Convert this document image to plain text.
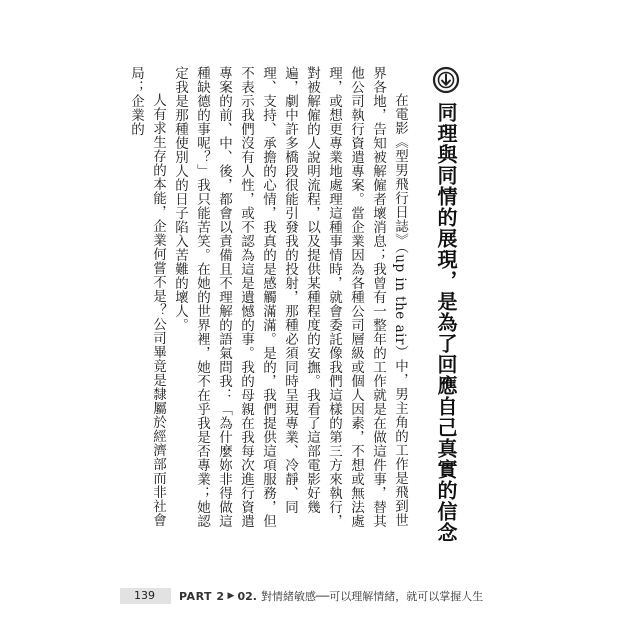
同理與同情的展現，是為了回應自己真實的信念

在電影《型男飛行日誌》（up in the air）中，男主角的工作是飛到世界各地，告知被解僱者壞消息；我曾有一整年的工作就是在做這件事，替其他公司執行資遣專案。當企業因為各種公司層級或個人因素，不想或無法處理，或想更專業地處理這種事情時，就會委託像我們這樣的第三方來執行，對被解僱的人說明流程，以及提供某種程度的安撫。我看了這部電影好幾遍，劇中許多橋段很能引發我的投射，那種必須同時呈現專業、冷靜、同理、支持、承擔的心情，我真的是感觸滿滿。是的，我們提供這項服務，但不表示我們沒有人性，或不認為這是遺憾的事。我的母親在我每次進行資遣專案的前、中、後，都會以責備且不理解的語氣問我：「為什麼妳非得做這種缺德的事呢？」我只能苦笑。在她的世界裡，她不在乎我是否專業；她認定我是那種使別人的日子陷入苦難的壞人。

人有求生存的本能，企業何嘗不是？公司畢竟是隸屬於經濟部而非社會局；企業的

139	PART 2 ▶ 02. 對情緒敏感──可以理解情緒，就可以掌握人生
